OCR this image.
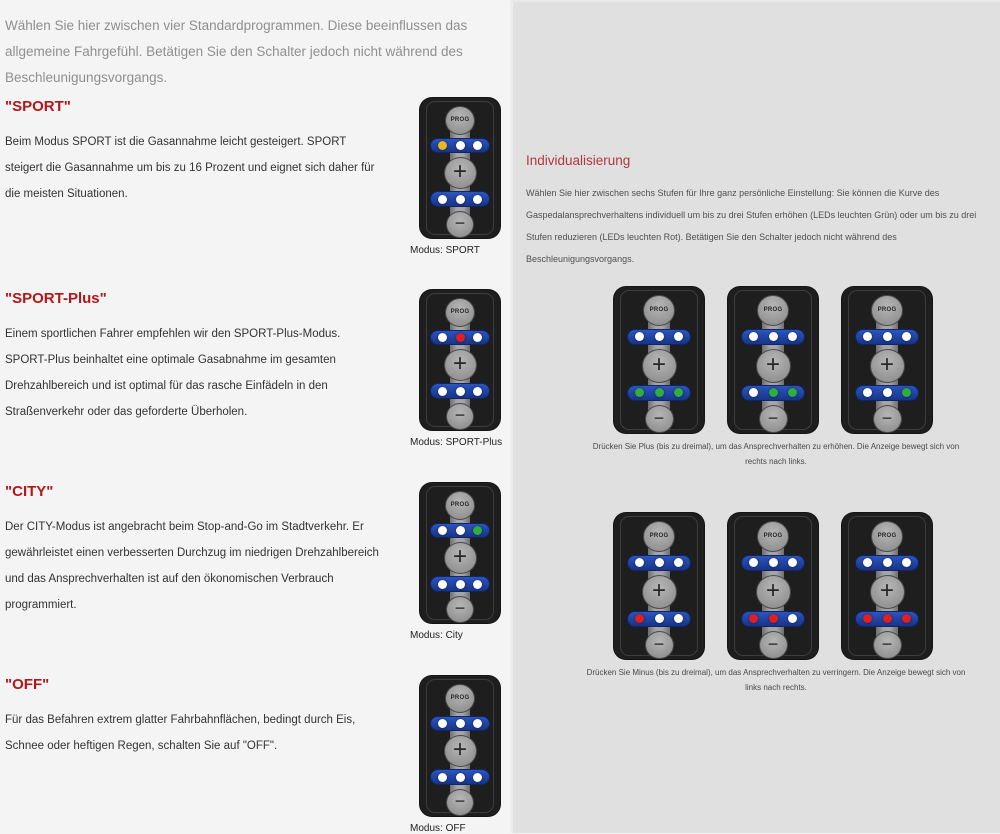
Wählen Sie hier zwischen vier Standardprogrammen. Diese beeinflussen das allgemeine Fahrgefühl. Betätigen Sie den Schalter jedoch nicht während des Beschleunigungsvorgangs.

"SPORT"

Beim Modus SPORT ist die Gasannahme leicht gesteigert. SPORT steigert die Gasannahme um bis zu 16 Prozent und eignet sich daher für die meisten Situationen.

PROG
+
−
Modus: SPORT
"SPORT-Plus"

Einem sportlichen Fahrer empfehlen wir den SPORT-Plus-Modus. SPORT-Plus beinhaltet eine optimale Gasabnahme im gesamten Drehzahlbereich und ist optimal für das rasche Einfädeln in den Straßenverkehr oder das geforderte Überholen.

PROG
+
−
Modus: SPORT-Plus
"CITY"

Der CITY-Modus ist angebracht beim Stop-and-Go im Stadtverkehr. Er gewährleistet einen verbesserten Durchzug im niedrigen Drehzahlbereich und das Ansprechverhalten ist auf den ökonomischen Verbrauch programmiert.

PROG
+
−
Modus: City
"OFF"

Für das Befahren extrem glatter Fahrbahnflächen, bedingt durch Eis, Schnee oder heftigen Regen, schalten Sie auf "OFF".

PROG
+
−
Modus: OFF
Individualisierung

Wählen Sie hier zwischen sechs Stufen für Ihre ganz persönliche Einstellung: Sie können die Kurve des Gaspedalansprechverhaltens individuell um bis zu drei Stufen erhöhen (LEDs leuchten Grün) oder um bis zu drei Stufen reduzieren (LEDs leuchten Rot). Betätigen Sie den Schalter jedoch nicht während des Beschleunigungsvorgangs.

PROG
+
−
PROG
+
−
PROG
+
−

Drücken Sie Plus (bis zu dreimal), um das Ansprechverhalten zu erhöhen. Die Anzeige bewegt sich von rechts nach links.

PROG
+
−
PROG
+
−
PROG
+
−

Drücken Sie Minus (bis zu dreimal), um das Ansprechverhalten zu verringern. Die Anzeige bewegt sich von links nach rechts.
